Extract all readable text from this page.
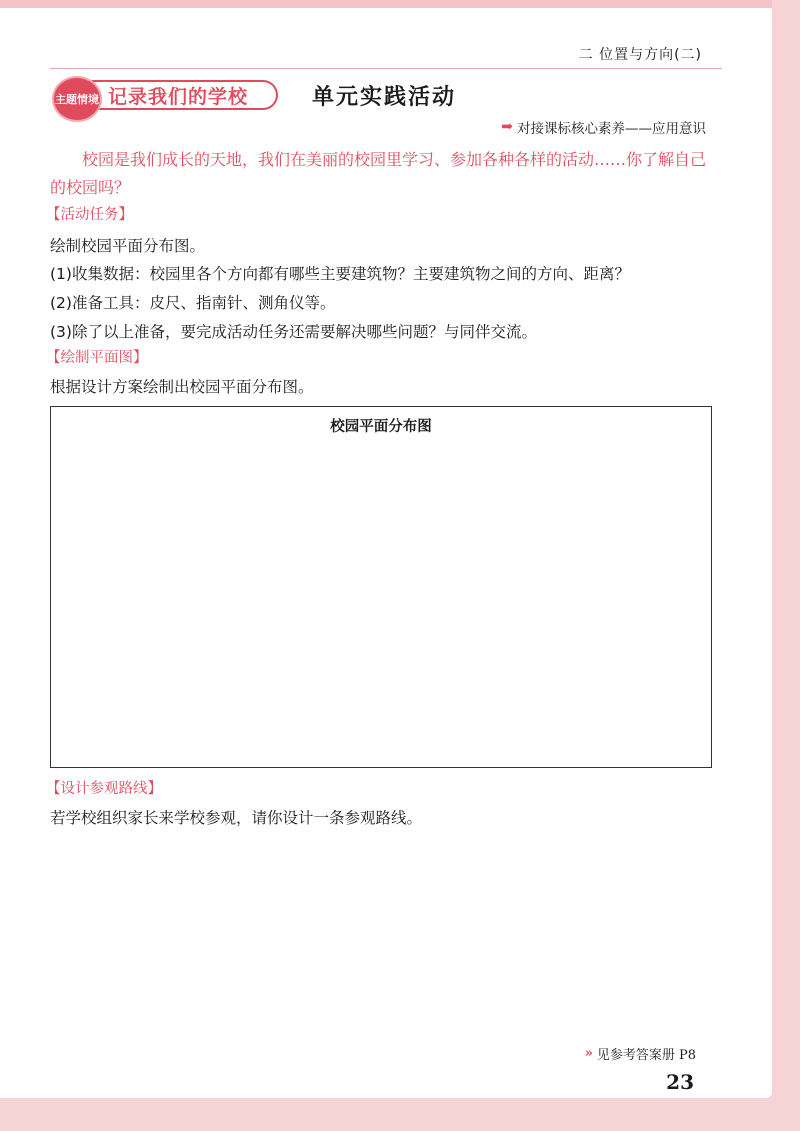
二 位置与方向(二)
记录我们的学校
主题情境	单元实践活动
➡ 对接课标核心素养——应用意识
校园是我们成长的天地，我们在美丽的校园里学习、参加各种各样的活动……你了解自己的校园吗？
【活动任务】
绘制校园平面分布图。
(1)收集数据：校园里各个方向都有哪些主要建筑物？主要建筑物之间的方向、距离？
(2)准备工具：皮尺、指南针、测角仪等。
(3)除了以上准备，要完成活动任务还需要解决哪些问题？与同伴交流。
【绘制平面图】
根据设计方案绘制出校园平面分布图。
校园平面分布图
【设计参观路线】
若学校组织家长来学校参观，请你设计一条参观路线。
» 见参考答案册 P8
23
